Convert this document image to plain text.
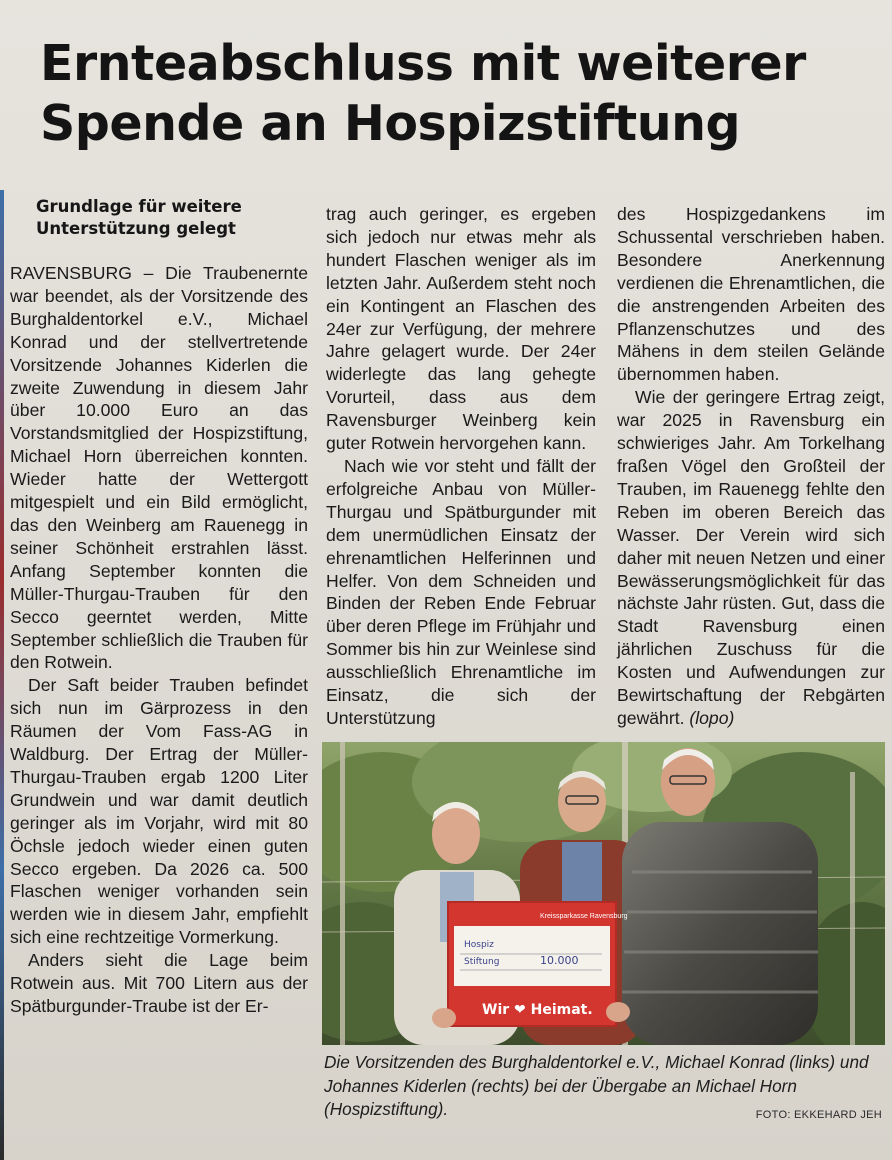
Ernteabschluss mit weiterer
Spende an Hospizstiftung
Grundlage für weitere Unterstützung gelegt

RAVENSBURG – Die Traubenernte war beendet, als der Vorsitzende des Burghaldentorkel e.V., Michael Konrad und der stellvertretende Vorsitzende Johannes Kiderlen die zweite Zuwendung in diesem Jahr über 10.000 Euro an das Vorstandsmitglied der Hospizstiftung, Michael Horn überreichen konnten. Wieder hatte der Wettergott mitgespielt und ein Bild ermöglicht, das den Weinberg am Rauenegg in seiner Schönheit erstrahlen lässt. Anfang September konnten die Müller-Thurgau-Trauben für den Secco geerntet werden, Mitte September schließlich die Trauben für den Rotwein.

Der Saft beider Trauben befindet sich nun im Gärprozess in den Räumen der Vom Fass-AG in Waldburg. Der Ertrag der Müller-Thurgau-Trauben ergab 1200 Liter Grundwein und war damit deutlich geringer als im Vorjahr, wird mit 80 Öchsle jedoch wieder einen guten Secco ergeben. Da 2026 ca. 500 Flaschen weniger vorhanden sein werden wie in diesem Jahr, empfiehlt sich eine rechtzeitige Vormerkung.

Anders sieht die Lage beim Rotwein aus. Mit 700 Litern aus der Spätburgunder-Traube ist der Er-

trag auch geringer, es ergeben sich jedoch nur etwas mehr als hundert Flaschen weniger als im letzten Jahr. Außerdem steht noch ein Kontingent an Flaschen des 24er zur Verfügung, der mehrere Jahre gelagert wurde. Der 24er widerlegte das lang gehegte Vorurteil, dass aus dem Ravensburger Weinberg kein guter Rotwein hervorgehen kann.

Nach wie vor steht und fällt der erfolgreiche Anbau von Müller-Thurgau und Spätburgunder mit dem unermüdlichen Einsatz der ehrenamtlichen Helferinnen und Helfer. Von dem Schneiden und Binden der Reben Ende Februar über deren Pflege im Frühjahr und Sommer bis hin zur Weinlese sind ausschließlich Ehrenamtliche im Einsatz, die sich der Unterstützung

des Hospizgedankens im Schussental verschrieben haben. Besondere Anerkennung verdienen die Ehrenamtlichen, die die anstrengenden Arbeiten des Pflanzenschutzes und des Mähens in dem steilen Gelände übernommen haben.

Wie der geringere Ertrag zeigt, war 2025 in Ravensburg ein schwieriges Jahr. Am Torkelhang fraßen Vögel den Großteil der Trauben, im Rauenegg fehlte den Reben im oberen Bereich das Wasser. Der Verein wird sich daher mit neuen Netzen und einer Bewässerungsmöglichkeit für das nächste Jahr rüsten. Gut, dass die Stadt Ravensburg einen jährlichen Zuschuss für die Kosten und Aufwendungen zur Bewirtschaftung der Rebgärten gewährt. (lopo)

Kreissparkasse Ravensburg
Hospiz
Stiftung	10.000
Wir ❤ Heimat.

Die Vorsitzenden des Burghaldentorkel e.V., Michael Konrad (links) und Johannes Kiderlen (rechts) bei der Übergabe an Michael Horn (Hospizstiftung).	FOTO: EKKEHARD JEH
